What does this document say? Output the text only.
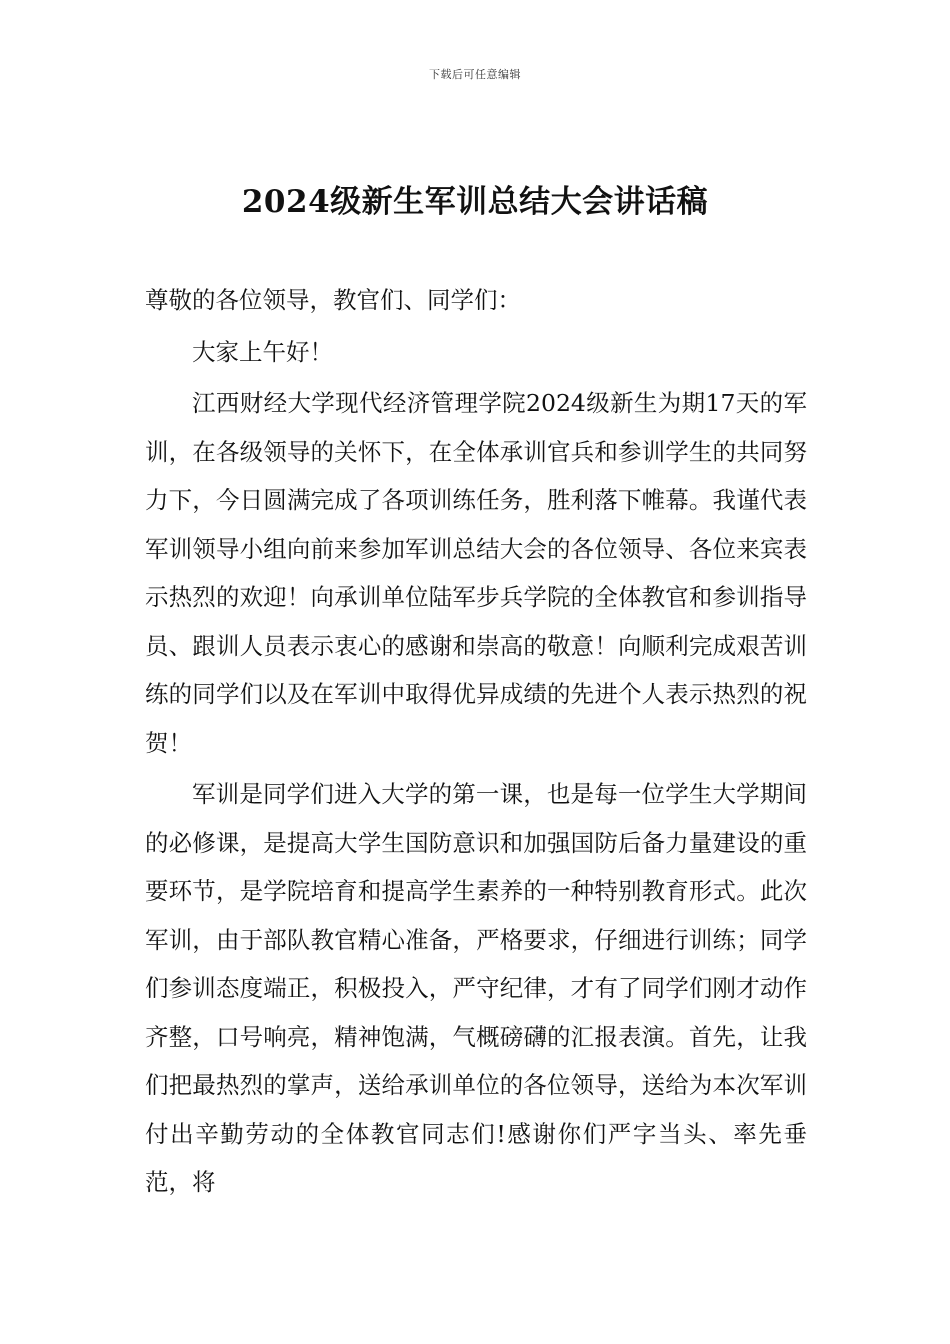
下载后可任意编辑
2024级新生军训总结大会讲话稿

尊敬的各位领导，教官们、同学们：

大家上午好！

江西财经大学现代经济管理学院2024级新生为期17天的军训，在各级领导的关怀下，在全体承训官兵和参训学生的共同努力下，今日圆满完成了各项训练任务，胜利落下帷幕。我谨代表军训领导小组向前来参加军训总结大会的各位领导、各位来宾表示热烈的欢迎！向承训单位陆军步兵学院的全体教官和参训指导员、跟训人员表示衷心的感谢和崇高的敬意！向顺利完成艰苦训练的同学们以及在军训中取得优异成绩的先进个人表示热烈的祝贺！

军训是同学们进入大学的第一课，也是每一位学生大学期间的必修课，是提高大学生国防意识和加强国防后备力量建设的重要环节，是学院培育和提高学生素养的一种特别教育形式。此次军训，由于部队教官精心准备，严格要求，仔细进行训练；同学们参训态度端正，积极投入，严守纪律，才有了同学们刚才动作齐整，口号响亮，精神饱满，气概磅礴的汇报表演。首先，让我们把最热烈的掌声，送给承训单位的各位领导，送给为本次军训付出辛勤劳动的全体教官同志们!感谢你们严字当头、率先垂范，将
